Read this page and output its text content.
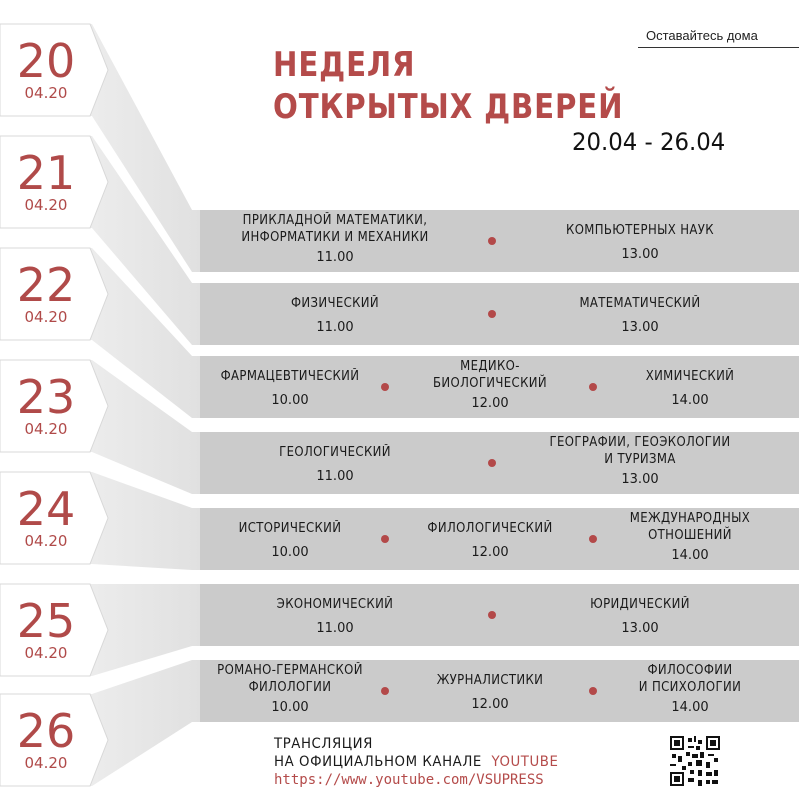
Оставайтесь дома
НЕДЕЛЯ
ОТКРЫТЫХ ДВЕРЕЙ
20.04 - 26.04
20
04.20
21
04.20
22
04.20
23
04.20
24
04.20
25
04.20
26
04.20
ПРИКЛАДНОЙ МАТЕМАТИКИ,
ИНФОРМАТИКИ И МЕХАНИКИ
11.00
КОМПЬЮТЕРНЫХ НАУК
13.00
ФИЗИЧЕСКИЙ
11.00
МАТЕМАТИЧЕСКИЙ
13.00
ФАРМАЦЕВТИЧЕСКИЙ
10.00
МЕДИКО-
БИОЛОГИЧЕСКИЙ
12.00
ХИМИЧЕСКИЙ
14.00
ГЕОЛОГИЧЕСКИЙ
11.00
ГЕОГРАФИИ, ГЕОЭКОЛОГИИ
И ТУРИЗМА
13.00
ИСТОРИЧЕСКИЙ
10.00
ФИЛОЛОГИЧЕСКИЙ
12.00
МЕЖДУНАРОДНЫХ
ОТНОШЕНИЙ
14.00
ЭКОНОМИЧЕСКИЙ
11.00
ЮРИДИЧЕСКИЙ
13.00
РОМАНО-ГЕРМАНСКОЙ
ФИЛОЛОГИИ
10.00
ЖУРНАЛИСТИКИ
12.00
ФИЛОСОФИИ
И ПСИХОЛОГИИ
14.00
ТРАНСЛЯЦИЯ
НА ОФИЦИАЛЬНОМ КАНАЛЕ YOUTUBE
https://www.youtube.com/VSUPRESS
